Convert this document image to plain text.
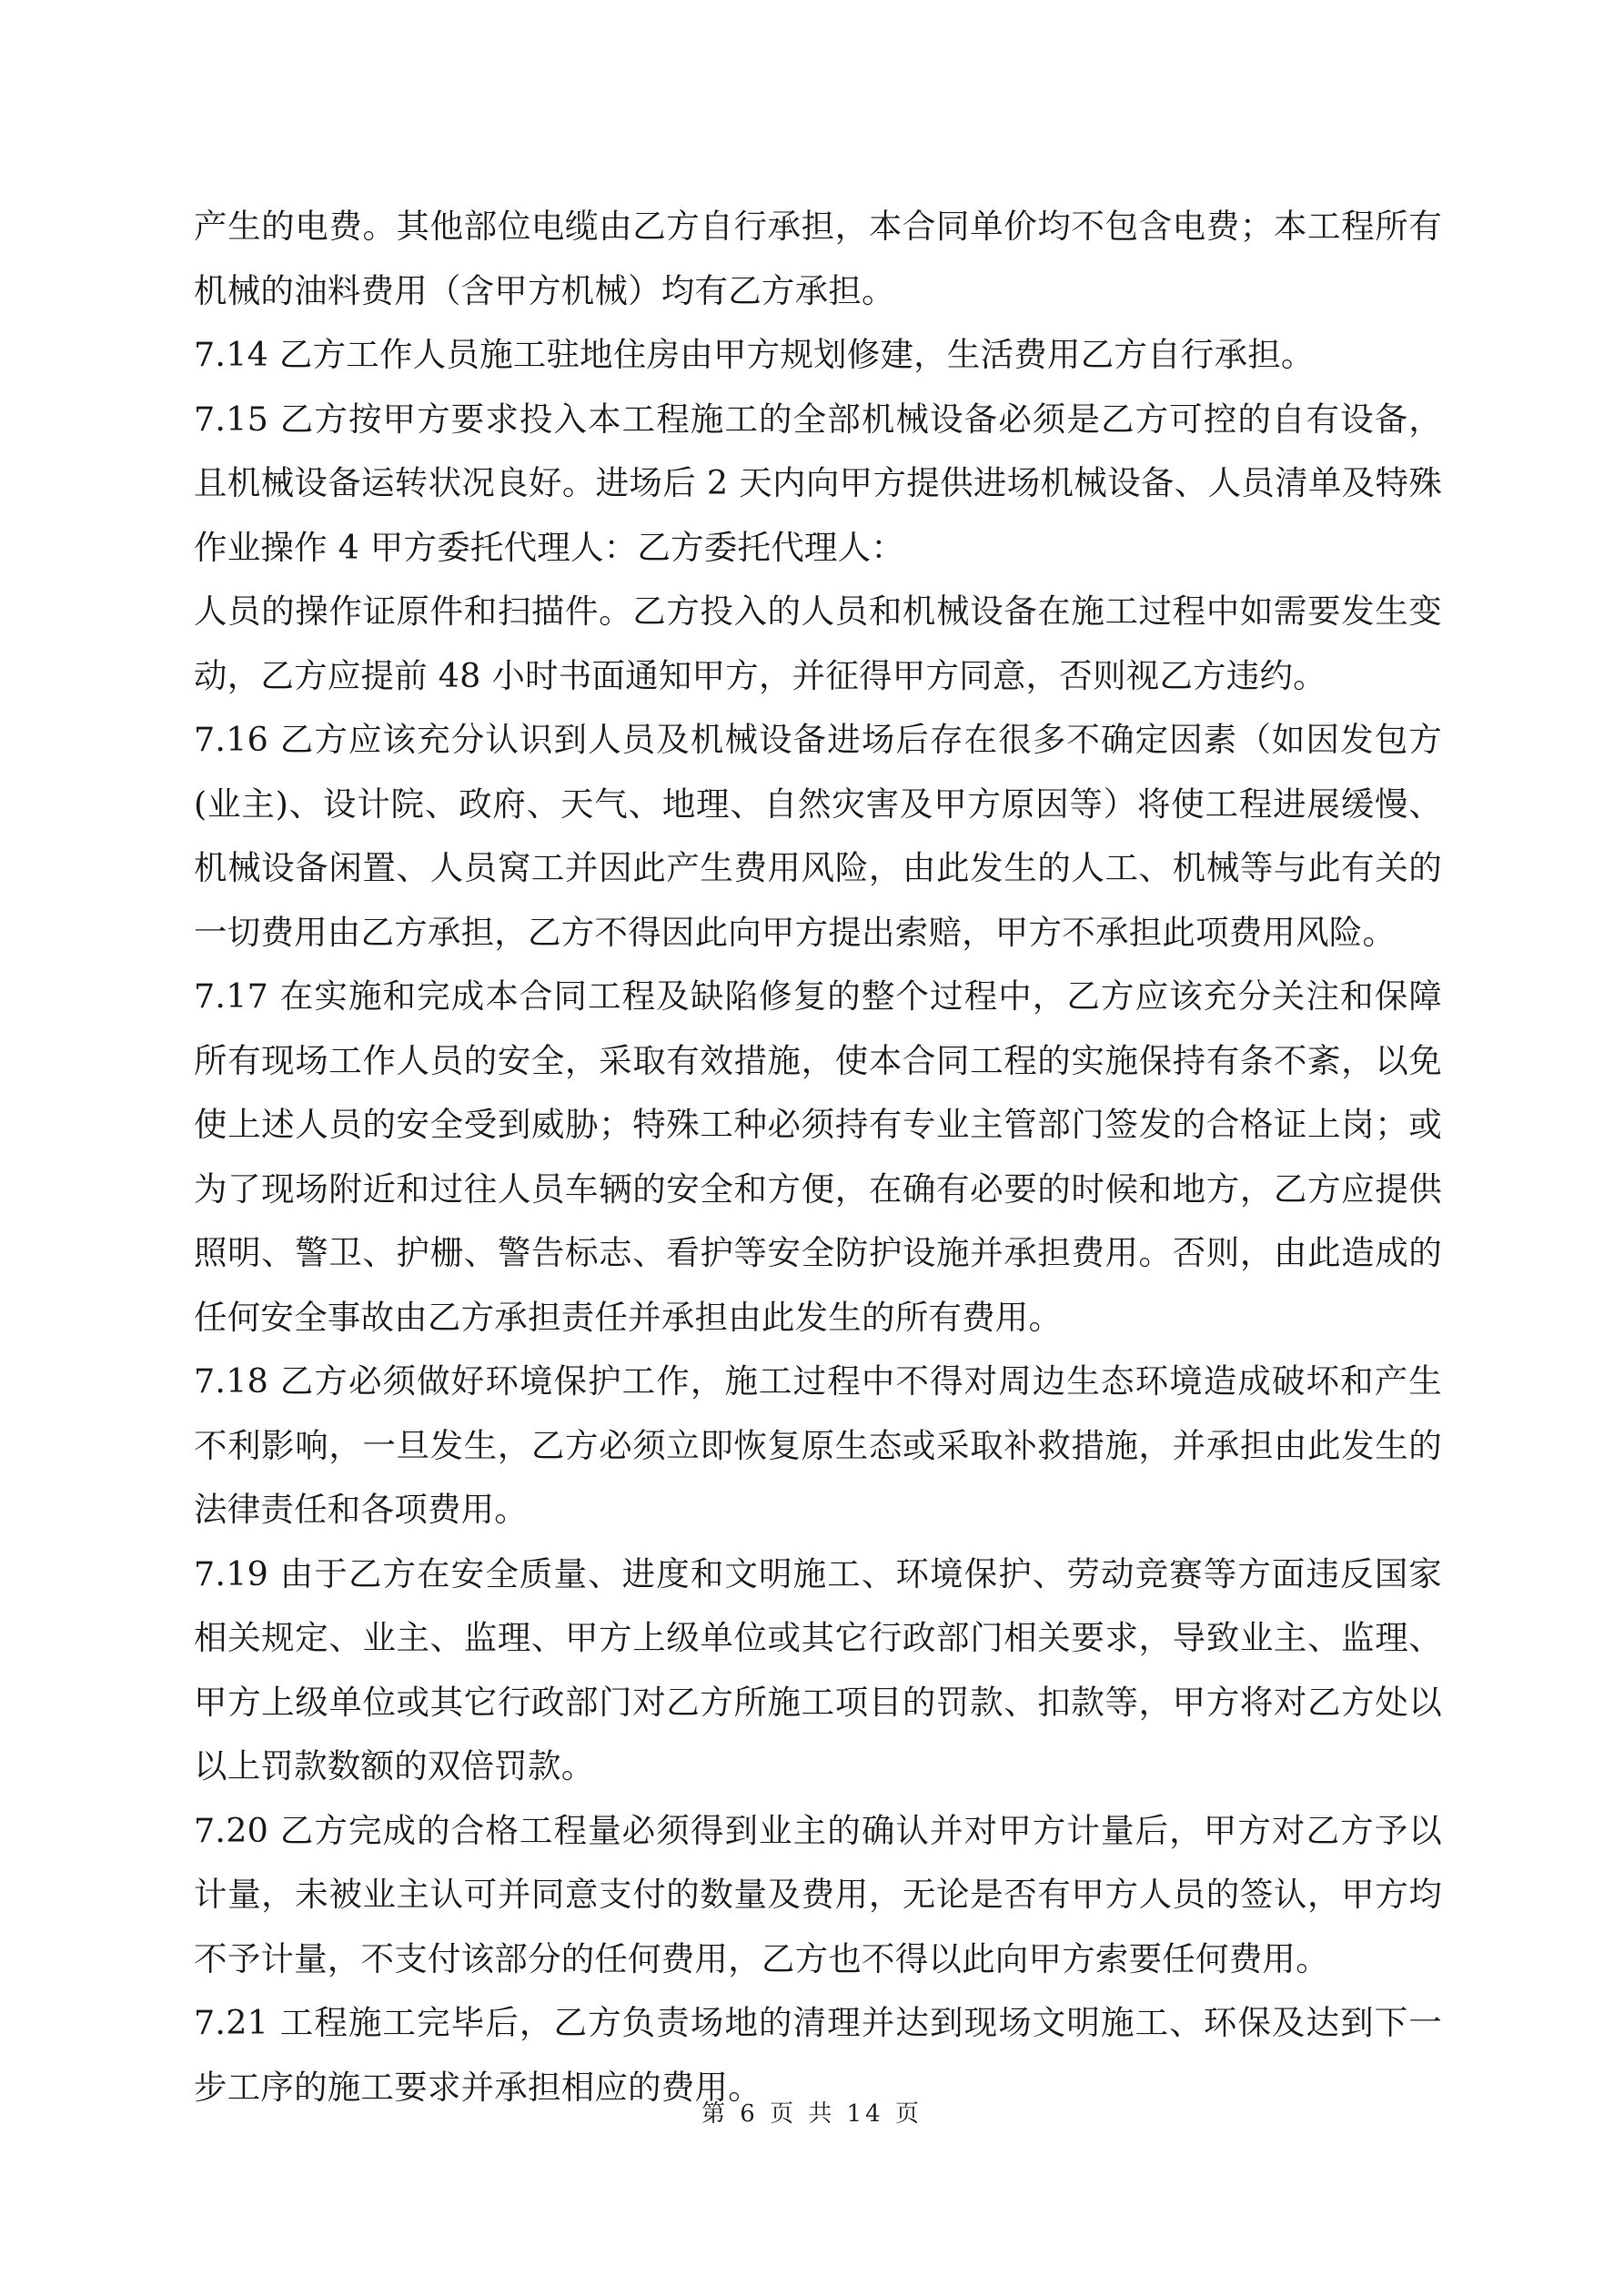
产生的电费。其他部位电缆由乙方自行承担，本合同单价均不包含电费；本工程所有机械的油料费用（含甲方机械）均有乙方承担。

7.14 乙方工作人员施工驻地住房由甲方规划修建，生活费用乙方自行承担。

7.15 乙方按甲方要求投入本工程施工的全部机械设备必须是乙方可控的自有设备，且机械设备运转状况良好。进场后 2 天内向甲方提供进场机械设备、人员清单及特殊作业操作 4 甲方委托代理人：乙方委托代理人：

人员的操作证原件和扫描件。乙方投入的人员和机械设备在施工过程中如需要发生变动，乙方应提前 48 小时书面通知甲方，并征得甲方同意，否则视乙方违约。

7.16 乙方应该充分认识到人员及机械设备进场后存在很多不确定因素（如因发包方(业主)、设计院、政府、天气、地理、自然灾害及甲方原因等）将使工程进展缓慢、机械设备闲置、人员窝工并因此产生费用风险，由此发生的人工、机械等与此有关的一切费用由乙方承担，乙方不得因此向甲方提出索赔，甲方不承担此项费用风险。

7.17 在实施和完成本合同工程及缺陷修复的整个过程中，乙方应该充分关注和保障所有现场工作人员的安全，采取有效措施，使本合同工程的实施保持有条不紊，以免使上述人员的安全受到威胁；特殊工种必须持有专业主管部门签发的合格证上岗；或为了现场附近和过往人员车辆的安全和方便，在确有必要的时候和地方，乙方应提供照明、警卫、护栅、警告标志、看护等安全防护设施并承担费用。否则，由此造成的任何安全事故由乙方承担责任并承担由此发生的所有费用。

7.18 乙方必须做好环境保护工作，施工过程中不得对周边生态环境造成破坏和产生不利影响，一旦发生，乙方必须立即恢复原生态或采取补救措施，并承担由此发生的法律责任和各项费用。

7.19 由于乙方在安全质量、进度和文明施工、环境保护、劳动竞赛等方面违反国家相关规定、业主、监理、甲方上级单位或其它行政部门相关要求，导致业主、监理、甲方上级单位或其它行政部门对乙方所施工项目的罚款、扣款等，甲方将对乙方处以以上罚款数额的双倍罚款。

7.20 乙方完成的合格工程量必须得到业主的确认并对甲方计量后，甲方对乙方予以计量，未被业主认可并同意支付的数量及费用，无论是否有甲方人员的签认，甲方均不予计量，不支付该部分的任何费用，乙方也不得以此向甲方索要任何费用。

7.21 工程施工完毕后，乙方负责场地的清理并达到现场文明施工、环保及达到下一步工序的施工要求并承担相应的费用。

第 6 页 共 14 页
